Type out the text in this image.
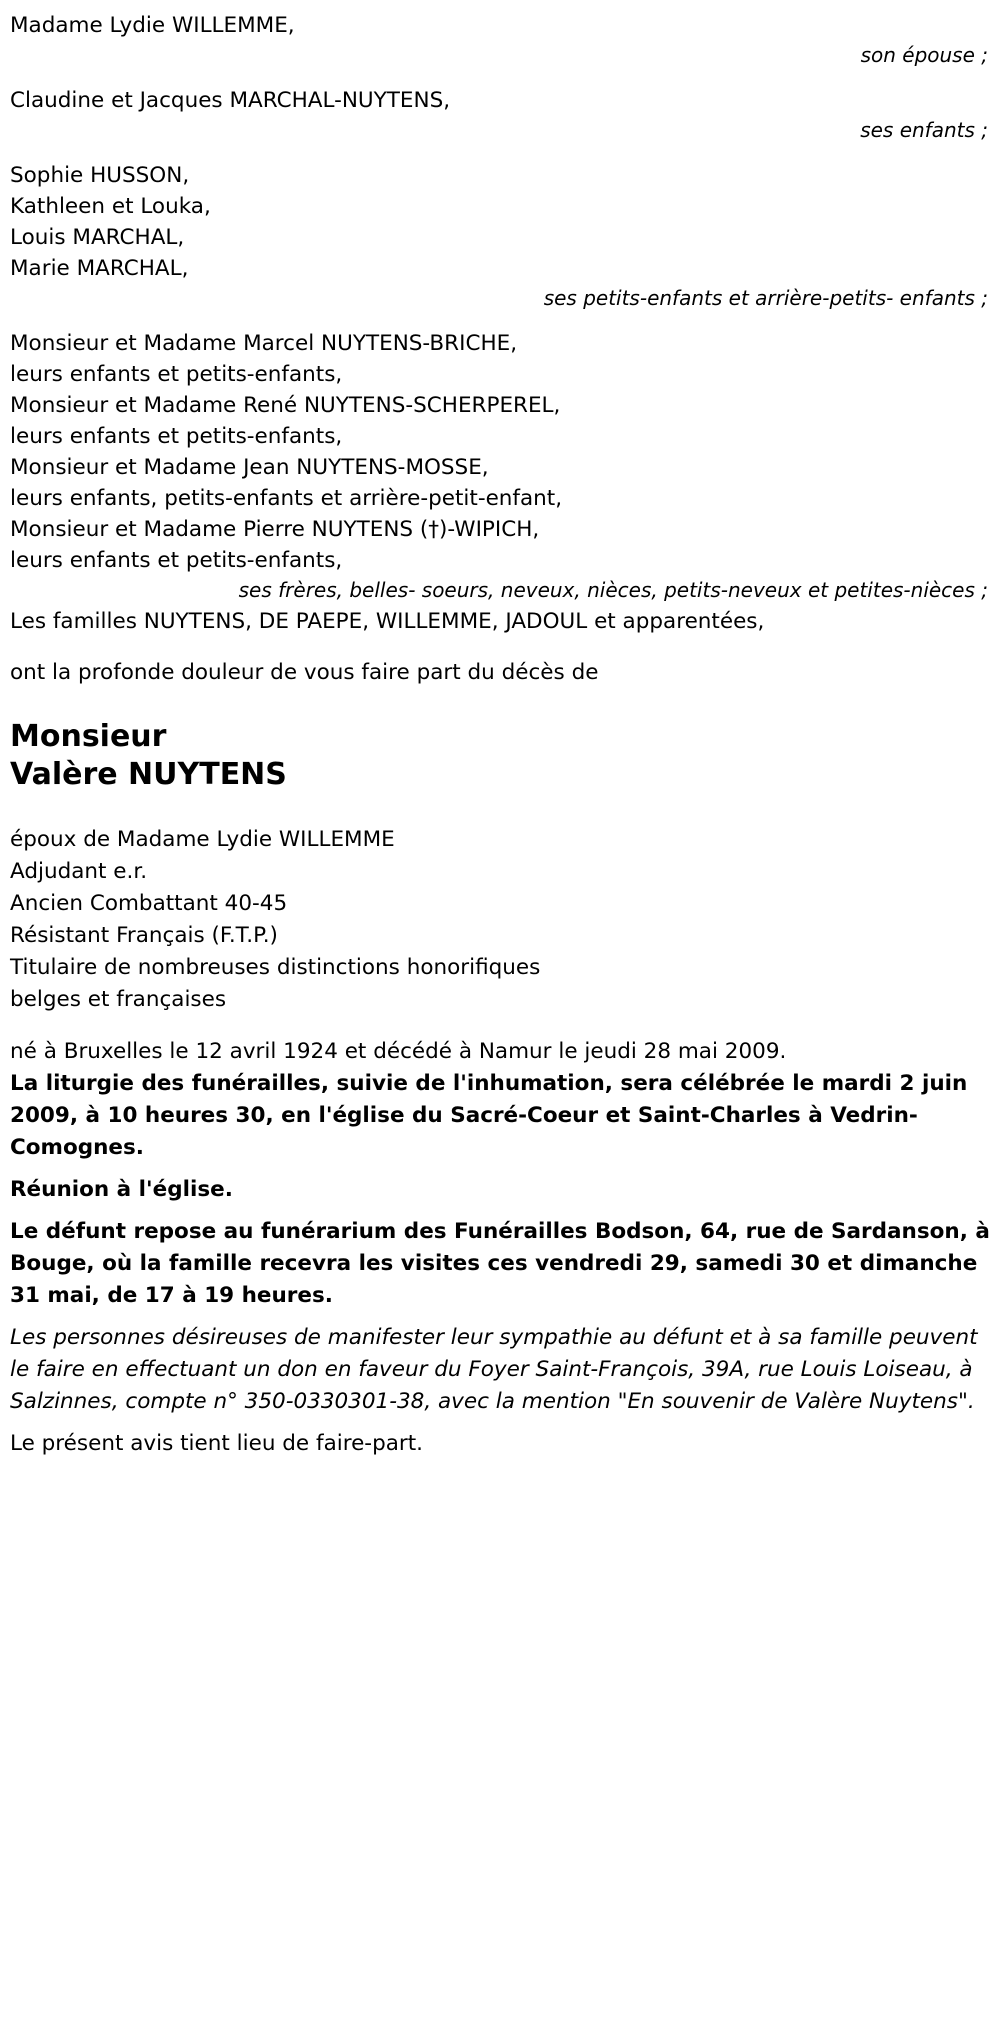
Madame Lydie WILLEMME,
son épouse ;
Claudine et Jacques MARCHAL-NUYTENS,
ses enfants ;
Sophie HUSSON,
Kathleen et Louka,
Louis MARCHAL,
Marie MARCHAL,
ses petits-enfants et arrière-petits- enfants ;
Monsieur et Madame Marcel NUYTENS-BRICHE,
leurs enfants et petits-enfants,
Monsieur et Madame René NUYTENS-SCHERPEREL,
leurs enfants et petits-enfants,
Monsieur et Madame Jean NUYTENS-MOSSE,
leurs enfants, petits-enfants et arrière-petit-enfant,
Monsieur et Madame Pierre NUYTENS (†)-WIPICH,
leurs enfants et petits-enfants,
ses frères, belles- soeurs, neveux, nièces, petits-neveux et petites-nièces ;
Les familles NUYTENS, DE PAEPE, WILLEMME, JADOUL et apparentées,
ont la profonde douleur de vous faire part du décès de
Monsieur
Valère NUYTENS
époux de Madame Lydie WILLEMME
Adjudant e.r.
Ancien Combattant 40-45
Résistant Français (F.T.P.)
Titulaire de nombreuses distinctions honorifiques
belges et françaises
né à Bruxelles le 12 avril 1924 et décédé à Namur le jeudi 28 mai 2009.

La liturgie des funérailles, suivie de l'inhumation, sera célébrée le mardi 2 juin 2009, à 10 heures 30, en l'église du Sacré-Coeur et Saint-Charles à Vedrin-Comognes.

Réunion à l'église.

Le défunt repose au funérarium des Funérailles Bodson, 64, rue de Sardanson, à Bouge, où la famille recevra les visites ces vendredi 29, samedi 30 et dimanche 31 mai, de 17 à 19 heures.

Les personnes désireuses de manifester leur sympathie au défunt et à sa famille peuvent le faire en effectuant un don en faveur du Foyer Saint-François, 39A, rue Louis Loiseau, à Salzinnes, compte n° 350-0330301-38, avec la mention "En souvenir de Valère Nuytens".

Le présent avis tient lieu de faire-part.
